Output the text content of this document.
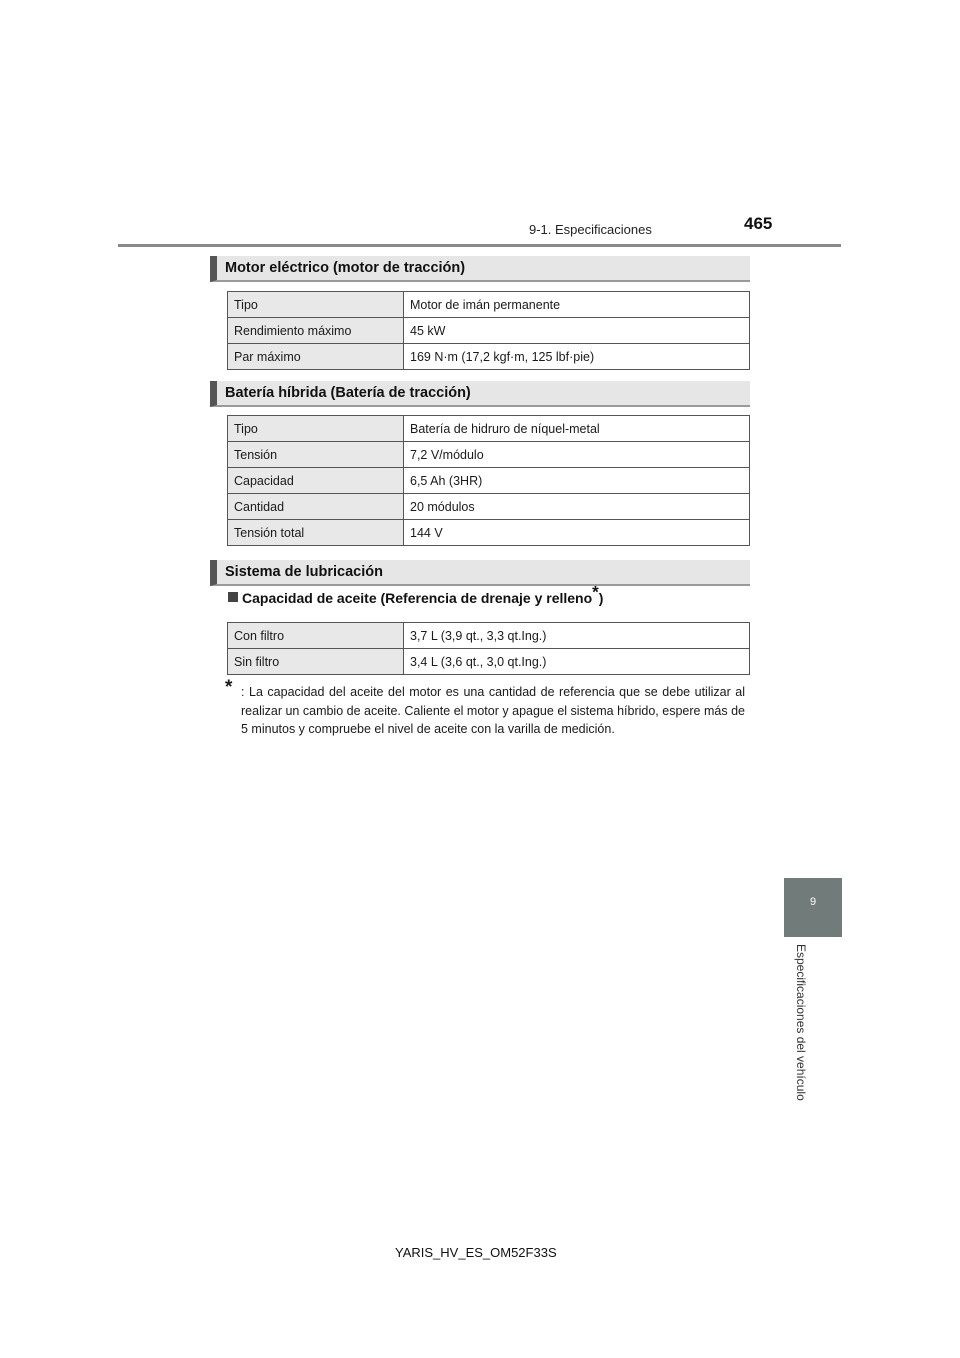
9-1. Especificaciones	465
Motor eléctrico (motor de tracción)
Tipo	Motor de imán permanente
Rendimiento máximo	45 kW
Par máximo	169 N·m (17,2 kgf·m, 125 lbf·pie)
Batería híbrida (Batería de tracción)
Tipo	Batería de hidruro de níquel-metal
Tensión	7,2 V/módulo
Capacidad	6,5 Ah (3HR)
Cantidad	20 módulos
Tensión total	144 V
Sistema de lubricación
Capacidad de aceite (Referencia de drenaje y relleno*)
Con filtro	3,7 L (3,9 qt., 3,3 qt.Ing.)
Sin filtro	3,4 L (3,6 qt., 3,0 qt.Ing.)
* : La capacidad del aceite del motor es una cantidad de referencia que se debe utilizar al realizar un cambio de aceite. Caliente el motor y apague el sistema híbrido, espere más de 5 minutos y compruebe el nivel de aceite con la varilla de medición.
9
Especificaciones del vehículo
YARIS_HV_ES_OM52F33S
